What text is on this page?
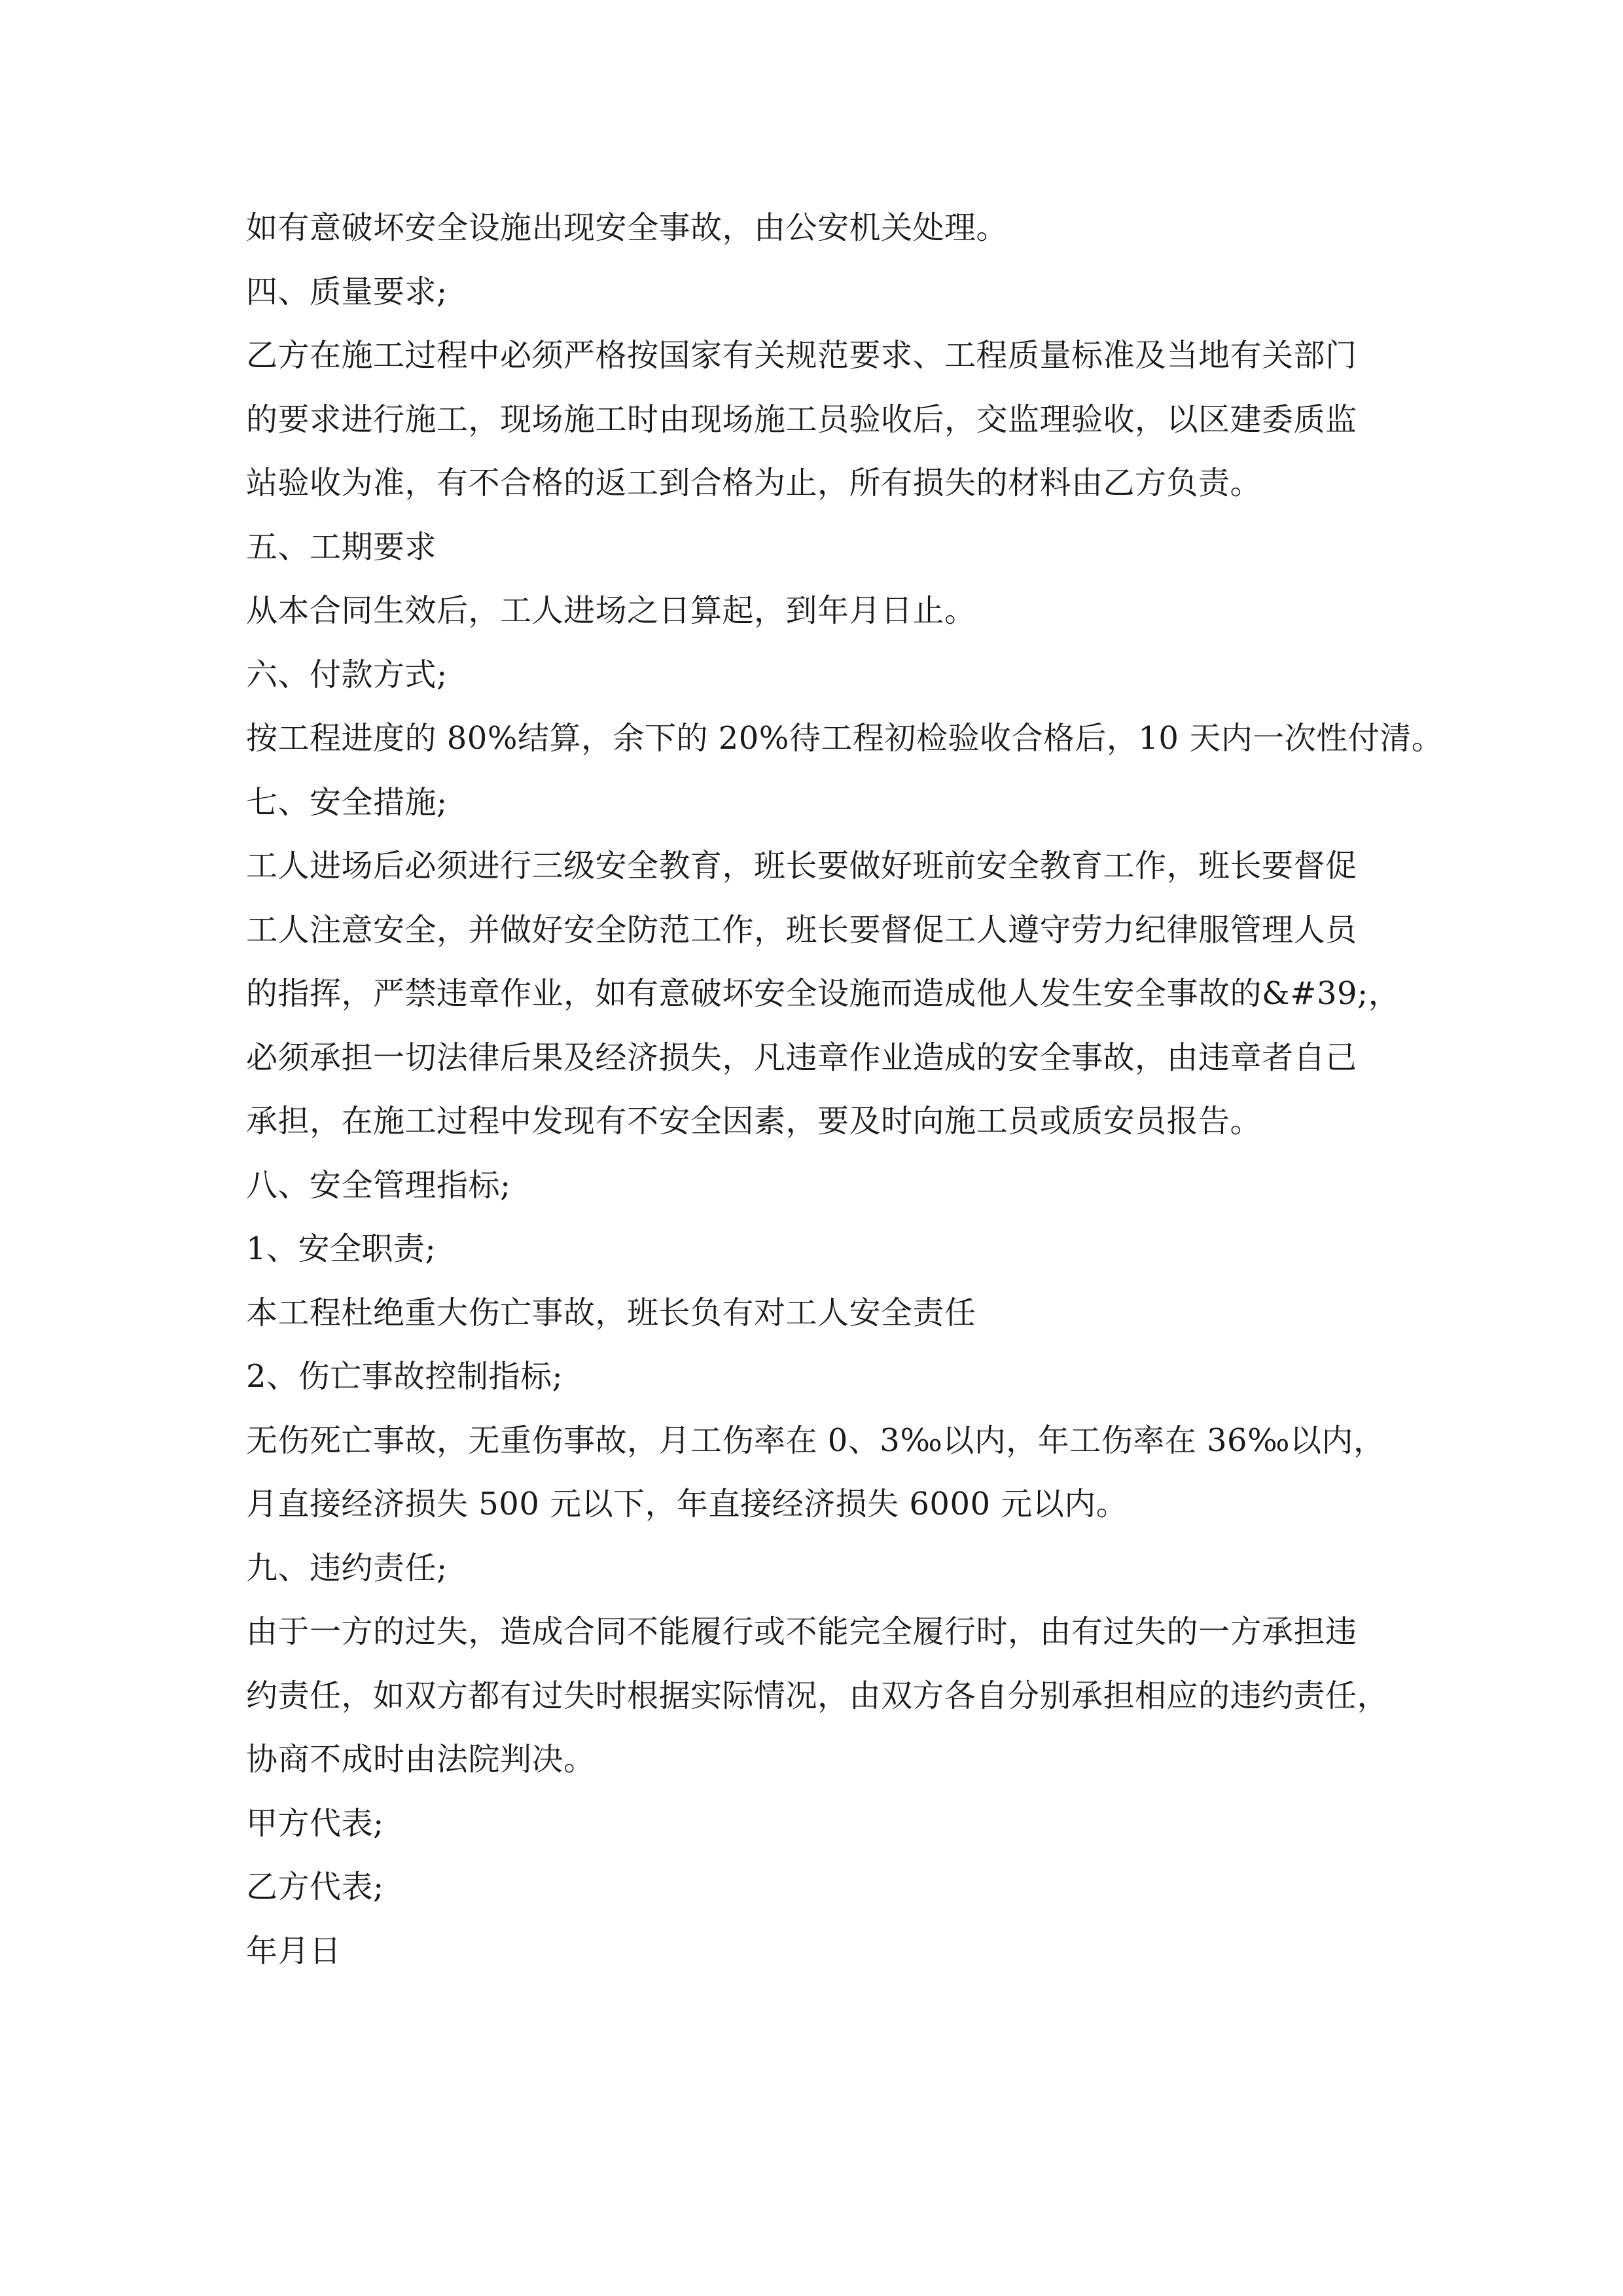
如有意破坏安全设施出现安全事故，由公安机关处理。

四、质量要求;

乙方在施工过程中必须严格按国家有关规范要求、工程质量标准及当地有关部门

的要求进行施工，现场施工时由现场施工员验收后，交监理验收，以区建委质监

站验收为准，有不合格的返工到合格为止，所有损失的材料由乙方负责。

五、工期要求

从本合同生效后，工人进场之日算起，到年月日止。

六、付款方式;

按工程进度的 80%结算，余下的 20%待工程初检验收合格后，10 天内一次性付清。

七、安全措施;

工人进场后必须进行三级安全教育，班长要做好班前安全教育工作，班长要督促

工人注意安全，并做好安全防范工作，班长要督促工人遵守劳力纪律服管理人员

的指挥，严禁违章作业，如有意破坏安全设施而造成他人发生安全事故的&#39;，

必须承担一切法律后果及经济损失，凡违章作业造成的安全事故，由违章者自己

承担，在施工过程中发现有不安全因素，要及时向施工员或质安员报告。

八、安全管理指标;

1、安全职责;

本工程杜绝重大伤亡事故，班长负有对工人安全责任

2、伤亡事故控制指标;

无伤死亡事故，无重伤事故，月工伤率在 0、3‰以内，年工伤率在 36‰以内，

月直接经济损失 500 元以下，年直接经济损失 6000 元以内。

九、违约责任;

由于一方的过失，造成合同不能履行或不能完全履行时，由有过失的一方承担违

约责任，如双方都有过失时根据实际情况，由双方各自分别承担相应的违约责任，

协商不成时由法院判决。

甲方代表;

乙方代表;

年月日
